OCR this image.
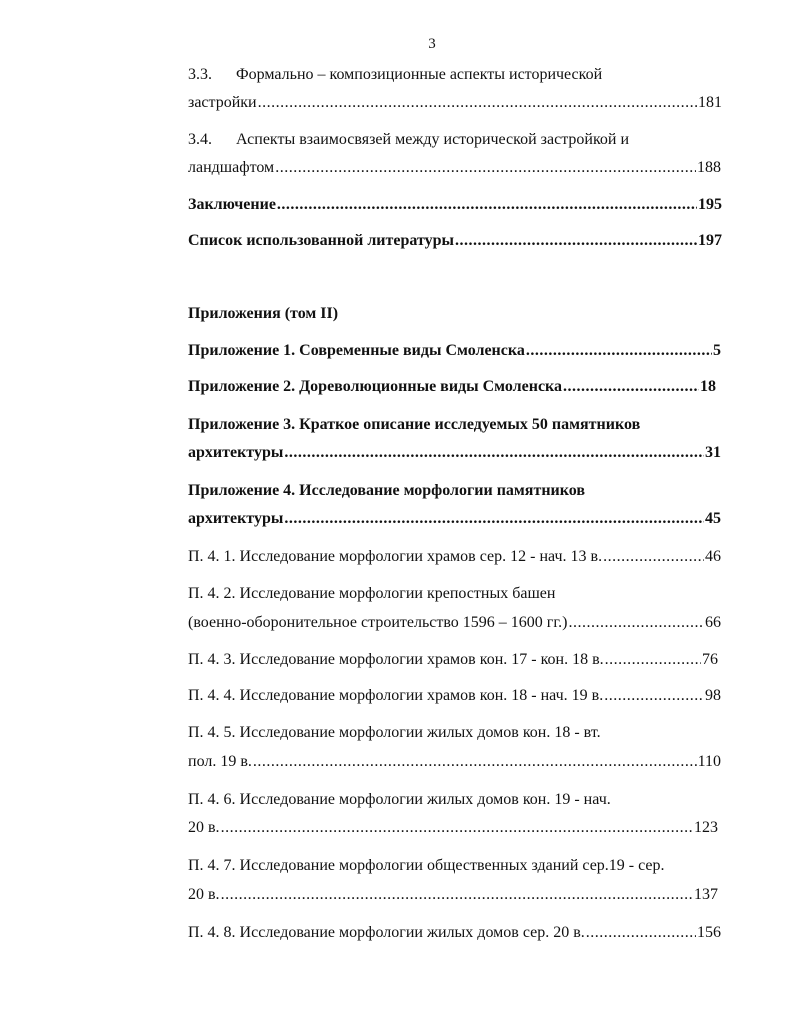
3
3.3. Формально – композиционные аспекты исторической
застройки .....	181
3.4. Аспекты взаимосвязей между исторической застройкой и
ландшафтом .....	188
Заключение .....	195
Список использованной литературы .....	197
Приложения (том II)
Приложение 1. Современные виды Смоленска .....	5
Приложение 2. Дореволюционные виды Смоленска .....	18
Приложение 3. Краткое описание исследуемых 50 памятников
архитектуры .....	31
Приложение 4. Исследование морфологии памятников
архитектуры .....	45
П. 4. 1. Исследование морфологии храмов сер. 12 - нач. 13 в. .....	46
П. 4. 2. Исследование морфологии крепостных башен
(военно-оборонительное строительство 1596 – 1600 гг.) .....	66
П. 4. 3. Исследование морфологии храмов кон. 17 - кон. 18 в. .....	76
П. 4. 4. Исследование морфологии храмов кон. 18 - нач. 19 в. .....	98
П. 4. 5. Исследование морфологии жилых домов кон. 18 - вт.
пол. 19 в. .....	110
П. 4. 6. Исследование морфологии жилых домов кон. 19 - нач.
20 в. .....	123
П. 4. 7. Исследование морфологии общественных зданий сер.19 - сер.
20 в. .....	137
П. 4. 8. Исследование морфологии жилых домов сер. 20 в. .....	156
